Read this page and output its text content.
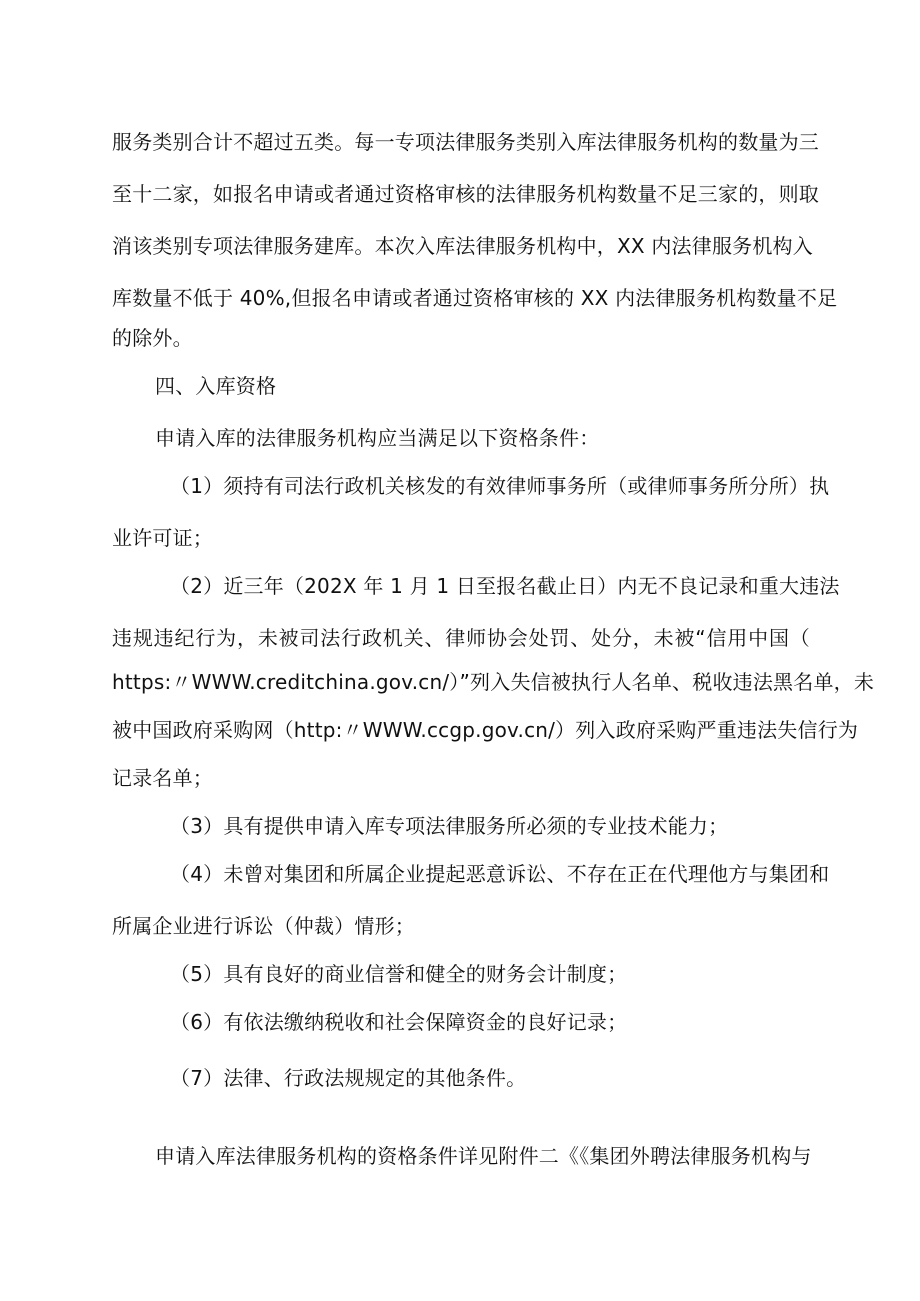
服务类别合计不超过五类。每一专项法律服务类别入库法律服务机构的数量为三
至十二家，如报名申请或者通过资格审核的法律服务机构数量不足三家的，则取
消该类别专项法律服务建库。本次入库法律服务机构中，XX 内法律服务机构入
库数量不低于 40%,但报名申请或者通过资格审核的 XX 内法律服务机构数量不足
的除外。
四、入库资格
申请入库的法律服务机构应当满足以下资格条件：
（1）须持有司法行政机关核发的有效律师事务所（或律师事务所分所）执
业许可证；
（2）近三年（202X 年 1 月 1 日至报名截止日）内无不良记录和重大违法
违规违纪行为，未被司法行政机关、律师协会处罚、处分，未被“信用中国（
https:〃WWW.creditchina.gov.cn/）”列入失信被执行人名单、税收违法黑名单，未
被中国政府采购网（http:〃WWW.ccgp.gov.cn/）列入政府采购严重违法失信行为
记录名单；
（3）具有提供申请入库专项法律服务所必须的专业技术能力；
（4）未曾对集团和所属企业提起恶意诉讼、不存在正在代理他方与集团和
所属企业进行诉讼（仲裁）情形；
（5）具有良好的商业信誉和健全的财务会计制度；
（6）有依法缴纳税收和社会保障资金的良好记录；
（7）法律、行政法规规定的其他条件。
申请入库法律服务机构的资格条件详见附件二《《集团外聘法律服务机构与
